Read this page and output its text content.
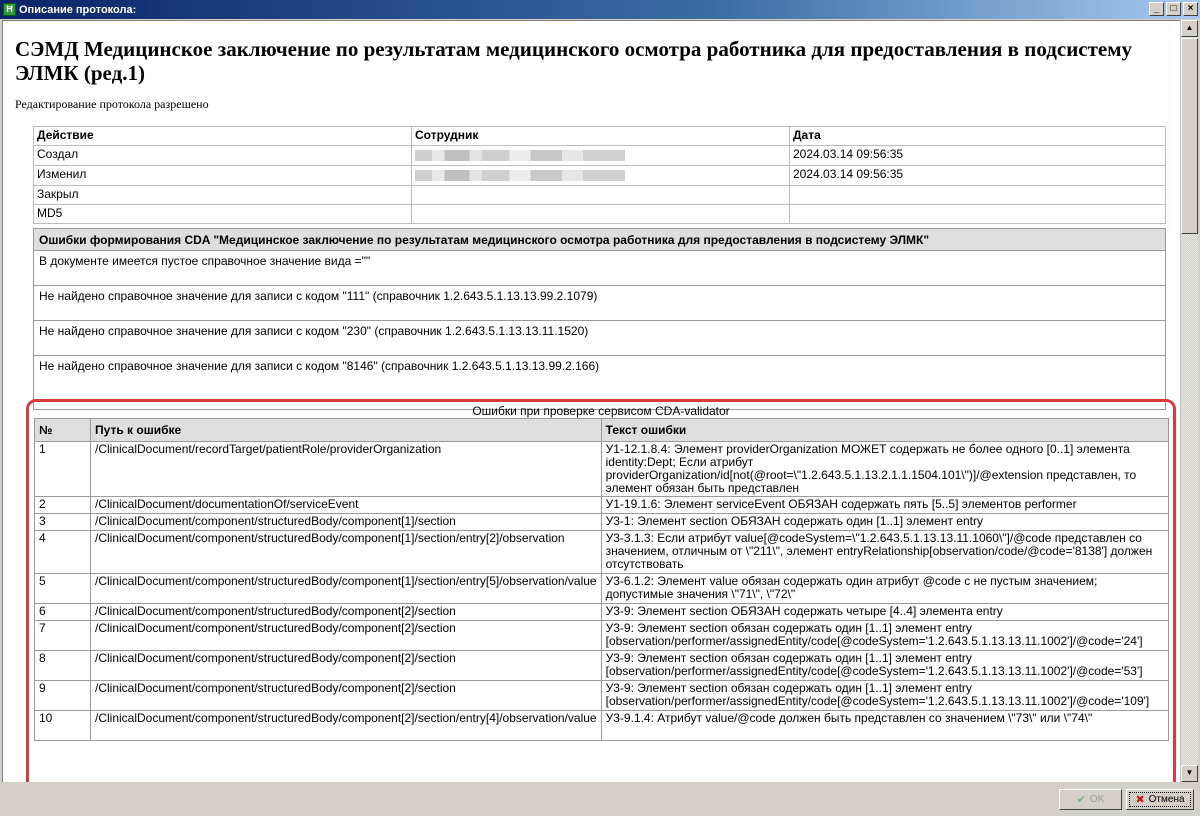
Ħ Описание протокола:	_	□	×
СЭМД Медицинское заключение по результатам медицинского осмотра работника для предоставления в подсистему ЭЛМК (ред.1)
Редактирование протокола разрешено
Действие	Сотрудник	Дата
Создал		2024.03.14 09:56:35
Изменил		2024.03.14 09:56:35
Закрыл		
MD5		
Ошибки формирования CDA "Медицинское заключение по результатам медицинского осмотра работника для предоставления в подсистему ЭЛМК"
В документе имеется пустое справочное значение вида =""
Не найдено справочное значение для записи с кодом "111" (справочник 1.2.643.5.1.13.13.99.2.1079)
Не найдено справочное значение для записи с кодом "230" (справочник 1.2.643.5.1.13.13.11.1520)
Не найдено справочное значение для записи с кодом "8146" (справочник 1.2.643.5.1.13.13.99.2.166)
Ошибки при проверке сервисом CDA-validator
№	Путь к ошибке	Текст ошибки
1	/ClinicalDocument/recordTarget/patientRole/providerOrganization	У1-12.1.8.4: Элемент providerOrganization МОЖЕТ содержать не более одного [0..1] элемента identity:Dept; Если атрибут providerOrganization/id[not(@root=\"1.2.643.5.1.13.2.1.1.1504.101\")]/@extension представлен, то элемент обязан быть представлен
2	/ClinicalDocument/documentationOf/serviceEvent	У1-19.1.6: Элемент serviceEvent ОБЯЗАН содержать пять [5..5] элементов performer
3	/ClinicalDocument/component/structuredBody/component[1]/section	У3-1: Элемент section ОБЯЗАН содержать один [1..1] элемент entry
4	/ClinicalDocument/component/structuredBody/component[1]/section/entry[2]/observation	У3-3.1.3: Если атрибут value[@codeSystem=\"1.2.643.5.1.13.13.11.1060\"]/@code представлен со значением, отличным от \"211\", элемент entryRelationship[observation/code/@code='8138'] должен отсутствовать
5	/ClinicalDocument/component/structuredBody/component[1]/section/entry[5]/observation/value	У3-6.1.2: Элемент value обязан содержать один атрибут @code с не пустым значением; допустимые значения \"71\", \"72\"
6	/ClinicalDocument/component/structuredBody/component[2]/section	У3-9: Элемент section ОБЯЗАН содержать четыре [4..4] элемента entry
7	/ClinicalDocument/component/structuredBody/component[2]/section	У3-9: Элемент section обязан содержать один [1..1] элемент entry [observation/performer/assignedEntity/code[@codeSystem='1.2.643.5.1.13.13.11.1002']/@code='24']
8	/ClinicalDocument/component/structuredBody/component[2]/section	У3-9: Элемент section обязан содержать один [1..1] элемент entry [observation/performer/assignedEntity/code[@codeSystem='1.2.643.5.1.13.13.11.1002']/@code='53']
9	/ClinicalDocument/component/structuredBody/component[2]/section	У3-9: Элемент section обязан содержать один [1..1] элемент entry [observation/performer/assignedEntity/code[@codeSystem='1.2.643.5.1.13.13.11.1002']/@code='109']
10	/ClinicalDocument/component/structuredBody/component[2]/section/entry[4]/observation/value	У3-9.1.4: Атрибут value/@code должен быть представлен со значением \"73\" или \"74\"
▲
▼
✔ OK	✖ Отмена
